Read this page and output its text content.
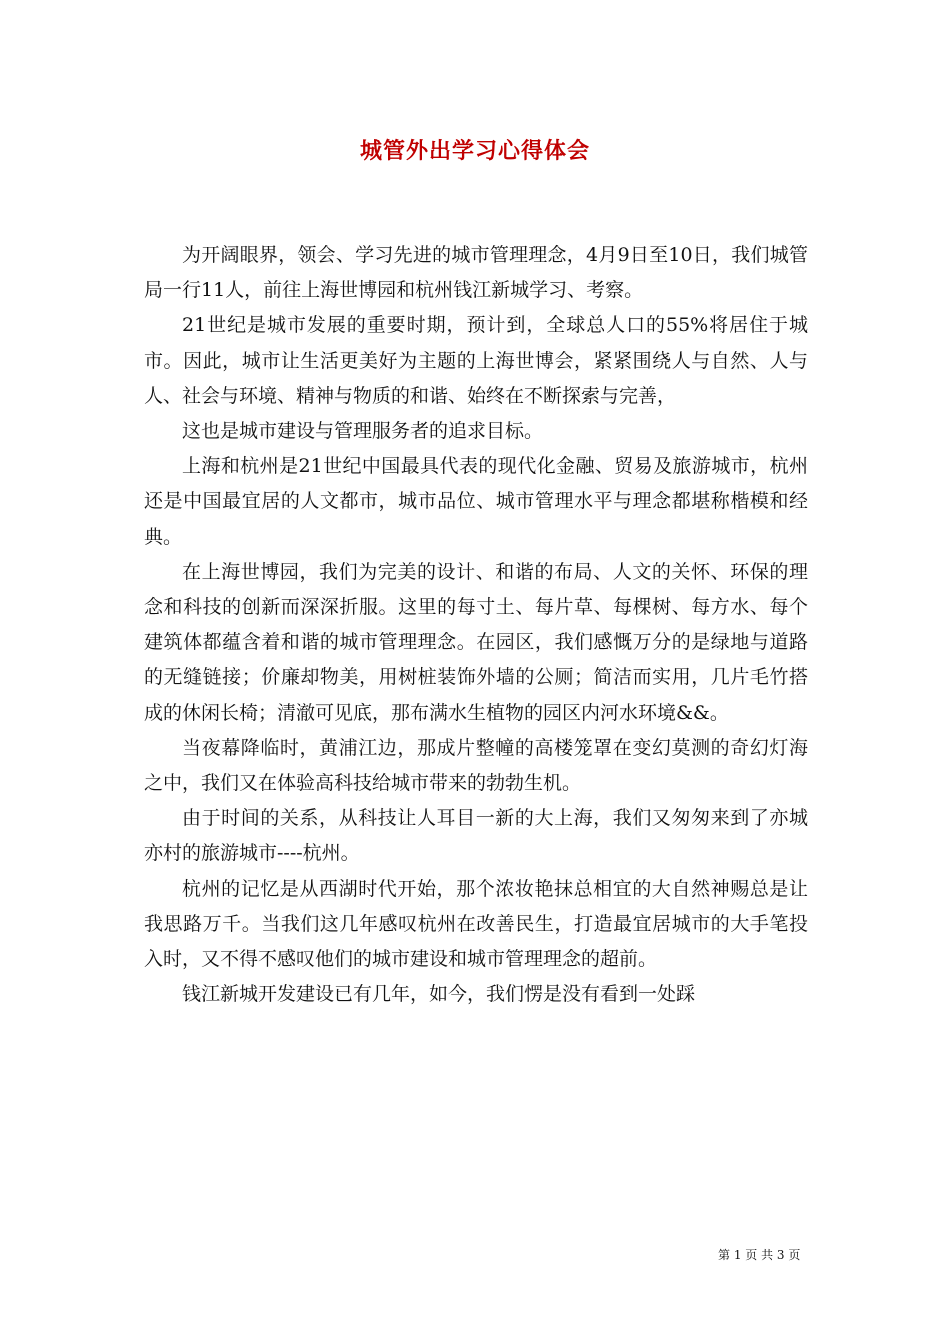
城管外出学习心得体会

为开阔眼界，领会、学习先进的城市管理理念，4月9日至10日，我们城管局一行11人，前往上海世博园和杭州钱江新城学习、考察。

21世纪是城市发展的重要时期，预计到，全球总人口的55%将居住于城市。因此，城市让生活更美好为主题的上海世博会，紧紧围绕人与自然、人与人、社会与环境、精神与物质的和谐、始终在不断探索与完善，

这也是城市建设与管理服务者的追求目标。

上海和杭州是21世纪中国最具代表的现代化金融、贸易及旅游城市，杭州还是中国最宜居的人文都市，城市品位、城市管理水平与理念都堪称楷模和经典。

在上海世博园，我们为完美的设计、和谐的布局、人文的关怀、环保的理念和科技的创新而深深折服。这里的每寸土、每片草、每棵树、每方水、每个建筑体都蕴含着和谐的城市管理理念。在园区，我们感慨万分的是绿地与道路的无缝链接；价廉却物美，用树桩装饰外墙的公厕；简洁而实用，几片毛竹搭成的休闲长椅；清澈可见底，那布满水生植物的园区内河水环境&&。

当夜幕降临时，黄浦江边，那成片整幢的高楼笼罩在变幻莫测的奇幻灯海之中，我们又在体验高科技给城市带来的勃勃生机。

由于时间的关系，从科技让人耳目一新的大上海，我们又匆匆来到了亦城亦村的旅游城市----杭州。

杭州的记忆是从西湖时代开始，那个浓妆艳抹总相宜的大自然神赐总是让我思路万千。当我们这几年感叹杭州在改善民生，打造最宜居城市的大手笔投入时，又不得不感叹他们的城市建设和城市管理理念的超前。

钱江新城开发建设已有几年，如今，我们愣是没有看到一处踩

第 1 页 共 3 页
